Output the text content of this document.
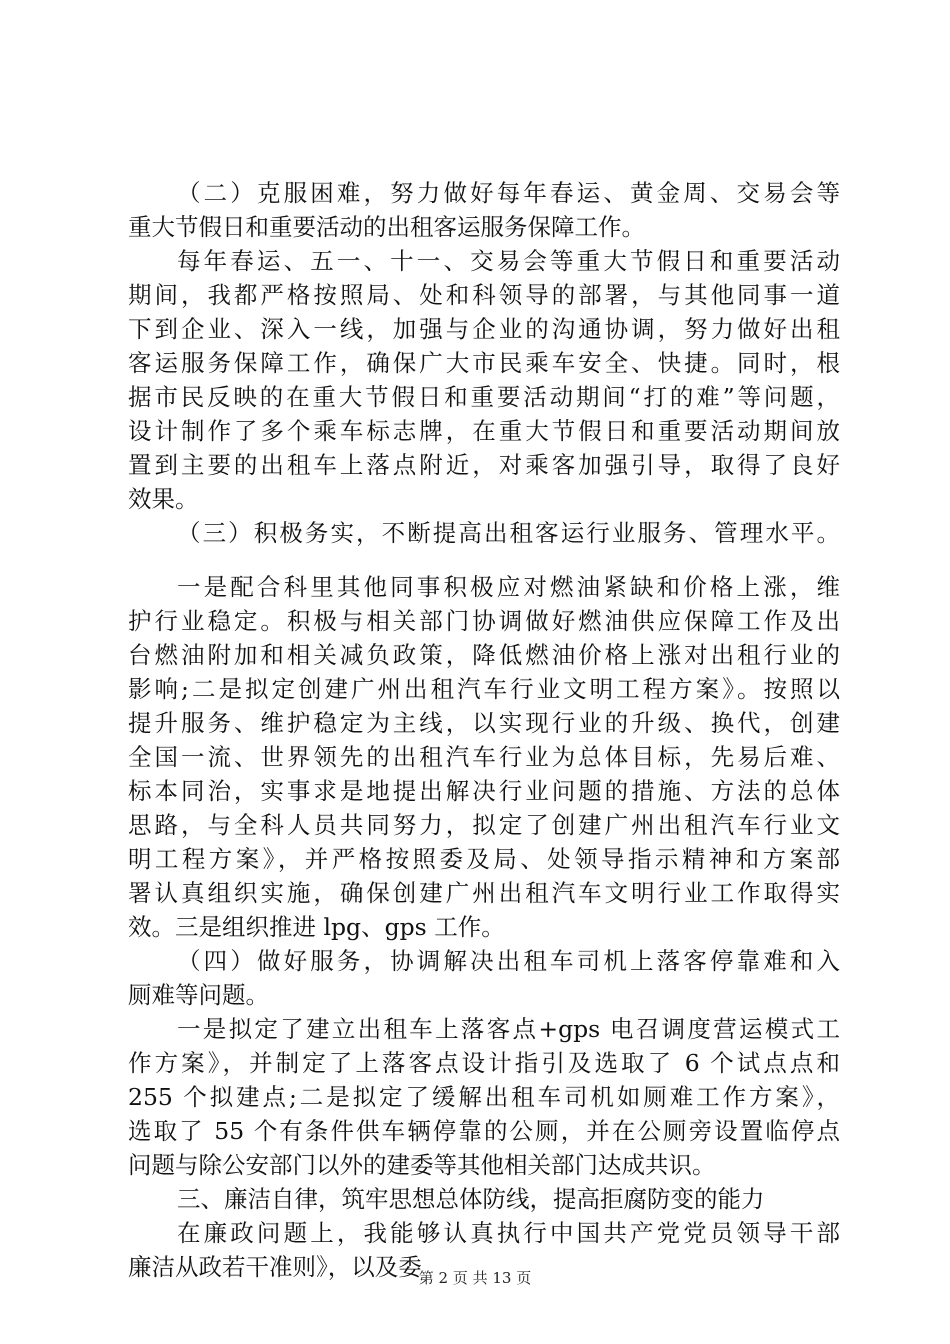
（二）克服困难，努力做好每年春运、黄金周、交易会等
重大节假日和重要活动的出租客运服务保障工作。
每年春运、五一、十一、交易会等重大节假日和重要活动
期间，我都严格按照局、处和科领导的部署，与其他同事一道
下到企业、深入一线，加强与企业的沟通协调，努力做好出租
客运服务保障工作，确保广大市民乘车安全、快捷。同时，根
据市民反映的在重大节假日和重要活动期间“打的难”等问题，
设计制作了多个乘车标志牌，在重大节假日和重要活动期间放
置到主要的出租车上落点附近，对乘客加强引导，取得了良好
效果。
（三）积极务实，不断提高出租客运行业服务、管理水平。
一是配合科里其他同事积极应对燃油紧缺和价格上涨，维
护行业稳定。积极与相关部门协调做好燃油供应保障工作及出
台燃油附加和相关减负政策，降低燃油价格上涨对出租行业的
影响;二是拟定创建广州出租汽车行业文明工程方案》。按照以
提升服务、维护稳定为主线，以实现行业的升级、换代，创建
全国一流、世界领先的出租汽车行业为总体目标，先易后难、
标本同治，实事求是地提出解决行业问题的措施、方法的总体
思路，与全科人员共同努力，拟定了创建广州出租汽车行业文
明工程方案》，并严格按照委及局、处领导指示精神和方案部
署认真组织实施，确保创建广州出租汽车文明行业工作取得实
效。三是组织推进 lpg、gps 工作。
（四）做好服务，协调解决出租车司机上落客停靠难和入
厕难等问题。
一是拟定了建立出租车上落客点+gps 电召调度营运模式工
作方案》，并制定了上落客点设计指引及选取了 6 个试点点和
255 个拟建点;二是拟定了缓解出租车司机如厕难工作方案》，
选取了 55 个有条件供车辆停靠的公厕，并在公厕旁设置临停点
问题与除公安部门以外的建委等其他相关部门达成共识。
三、廉洁自律，筑牢思想总体防线，提高拒腐防变的能力
在廉政问题上，我能够认真执行中国共产党党员领导干部
廉洁从政若干准则》，以及委
第 2 页 共 13 页
